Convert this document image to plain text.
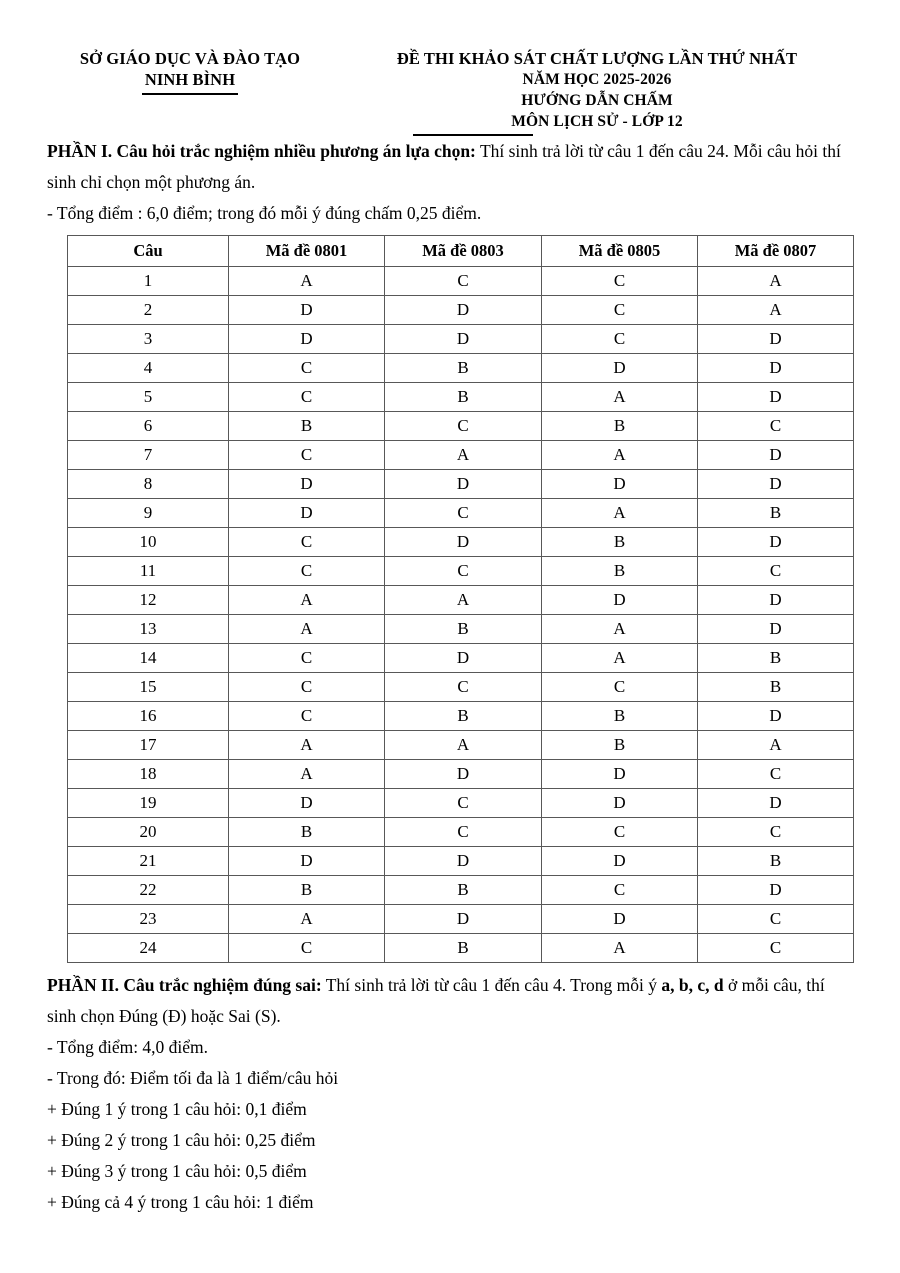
SỞ GIÁO DỤC VÀ ĐÀO TẠO
NINH BÌNH
ĐỀ THI KHẢO SÁT CHẤT LƯỢNG LẦN THỨ NHẤT
NĂM HỌC 2025-2026
HƯỚNG DẪN CHẤM
MÔN LỊCH SỬ - LỚP 12

PHẦN I. Câu hỏi trắc nghiệm nhiều phương án lựa chọn: Thí sinh trả lời từ câu 1 đến câu 24. Mỗi câu hỏi thí sinh chỉ chọn một phương án.

- Tổng điểm : 6,0 điểm; trong đó mỗi ý đúng chấm 0,25 điểm.

Câu	Mã đề 0801	Mã đề 0803	Mã đề 0805	Mã đề 0807
1	A	C	C	A
2	D	D	C	A
3	D	D	C	D
4	C	B	D	D
5	C	B	A	D
6	B	C	B	C
7	C	A	A	D
8	D	D	D	D
9	D	C	A	B
10	C	D	B	D
11	C	C	B	C
12	A	A	D	D
13	A	B	A	D
14	C	D	A	B
15	C	C	C	B
16	C	B	B	D
17	A	A	B	A
18	A	D	D	C
19	D	C	D	D
20	B	C	C	C
21	D	D	D	B
22	B	B	C	D
23	A	D	D	C
24	C	B	A	C

PHẦN II. Câu trắc nghiệm đúng sai: Thí sinh trả lời từ câu 1 đến câu 4. Trong mỗi ý a, b, c, d ở mỗi câu, thí sinh chọn Đúng (Đ) hoặc Sai (S).

- Tổng điểm: 4,0 điểm.

- Trong đó: Điểm tối đa là 1 điểm/câu hỏi

+ Đúng 1 ý trong 1 câu hỏi: 0,1 điểm

+ Đúng 2 ý trong 1 câu hỏi: 0,25 điểm

+ Đúng 3 ý trong 1 câu hỏi: 0,5 điểm

+ Đúng cả 4 ý trong 1 câu hỏi: 1 điểm
